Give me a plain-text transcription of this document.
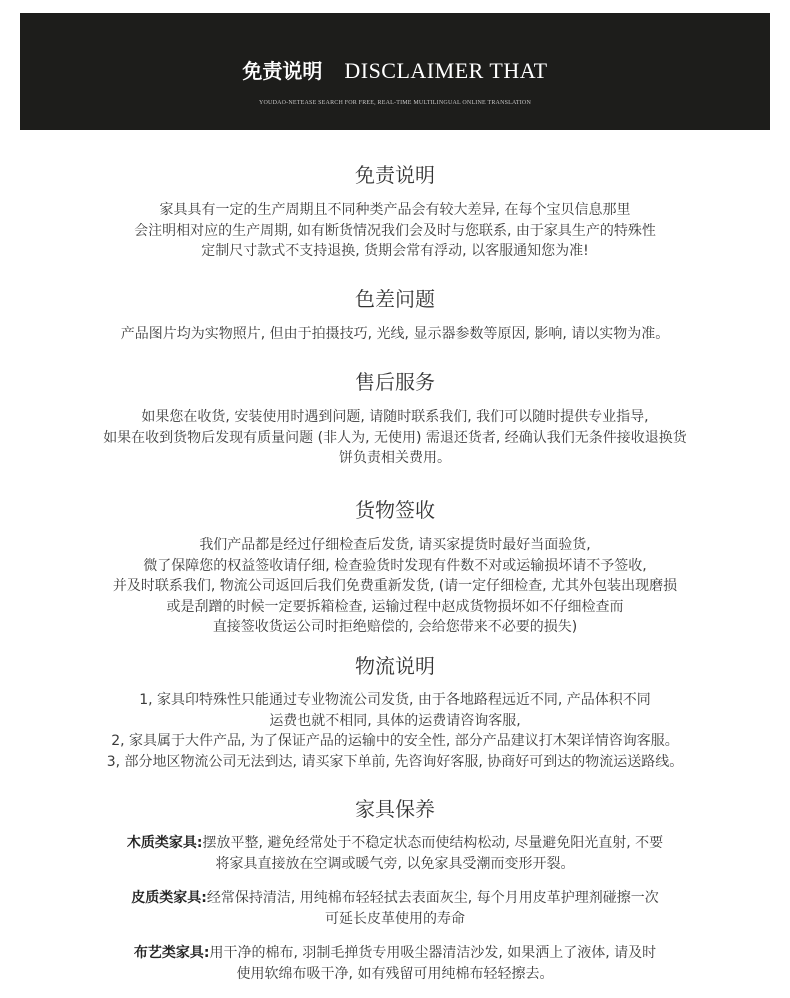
免责说明 DISCLAIMER THAT
YOUDAO-NETEASE SEARCH FOR FREE, REAL-TIME MULTILINGUAL ONLINE TRANSLATION
免责说明
家具具有一定的生产周期且不同种类产品会有较大差异, 在每个宝贝信息那里
会注明相对应的生产周期, 如有断货情况我们会及时与您联系, 由于家具生产的特殊性
定制尺寸款式不支持退换, 货期会常有浮动, 以客服通知您为准!
色差问题
产品图片均为实物照片, 但由于拍摄技巧, 光线, 显示器参数等原因, 影响, 请以实物为准。
售后服务
如果您在收货, 安装使用时遇到问题, 请随时联系我们, 我们可以随时提供专业指导,
如果在收到货物后发现有质量问题 (非人为, 无使用) 需退还货者, 经确认我们无条件接收退换货
饼负责相关费用。
货物签收
我们产品都是经过仔细检查后发货, 请买家提货时最好当面验货,
微了保障您的权益签收请仔细, 检查验货时发现有件数不对或运输损坏请不予签收,
并及时联系我们, 物流公司返回后我们免费重新发货, (请一定仔细检查, 尤其外包装出现磨损
或是刮蹭的时候一定要拆箱检查, 运输过程中赵成货物损坏如不仔细检查而
直接签收货运公司时拒绝赔偿的, 会给您带来不必要的损失)
物流说明
1, 家具印特殊性只能通过专业物流公司发货, 由于各地路程远近不同, 产品体积不同
运费也就不相同, 具体的运费请咨询客服,
2, 家具属于大件产品, 为了保证产品的运输中的安全性, 部分产品建议打木架详情咨询客服。
3, 部分地区物流公司无法到达, 请买家下单前, 先咨询好客服, 协商好可到达的物流运送路线。
家具保养
木质类家具:摆放平整, 避免经常处于不稳定状态而使结构松动, 尽量避免阳光直射, 不要
将家具直接放在空调或暖气旁, 以免家具受潮而变形开裂。
皮质类家具:经常保持清洁, 用纯棉布轻轻拭去表面灰尘, 每个月用皮革护理剂碰擦一次
可延长皮革使用的寿命
布艺类家具:用干净的棉布, 羽制毛掸货专用吸尘器清洁沙发, 如果洒上了液体, 请及时
使用软绵布吸干净, 如有残留可用纯棉布轻轻擦去。
